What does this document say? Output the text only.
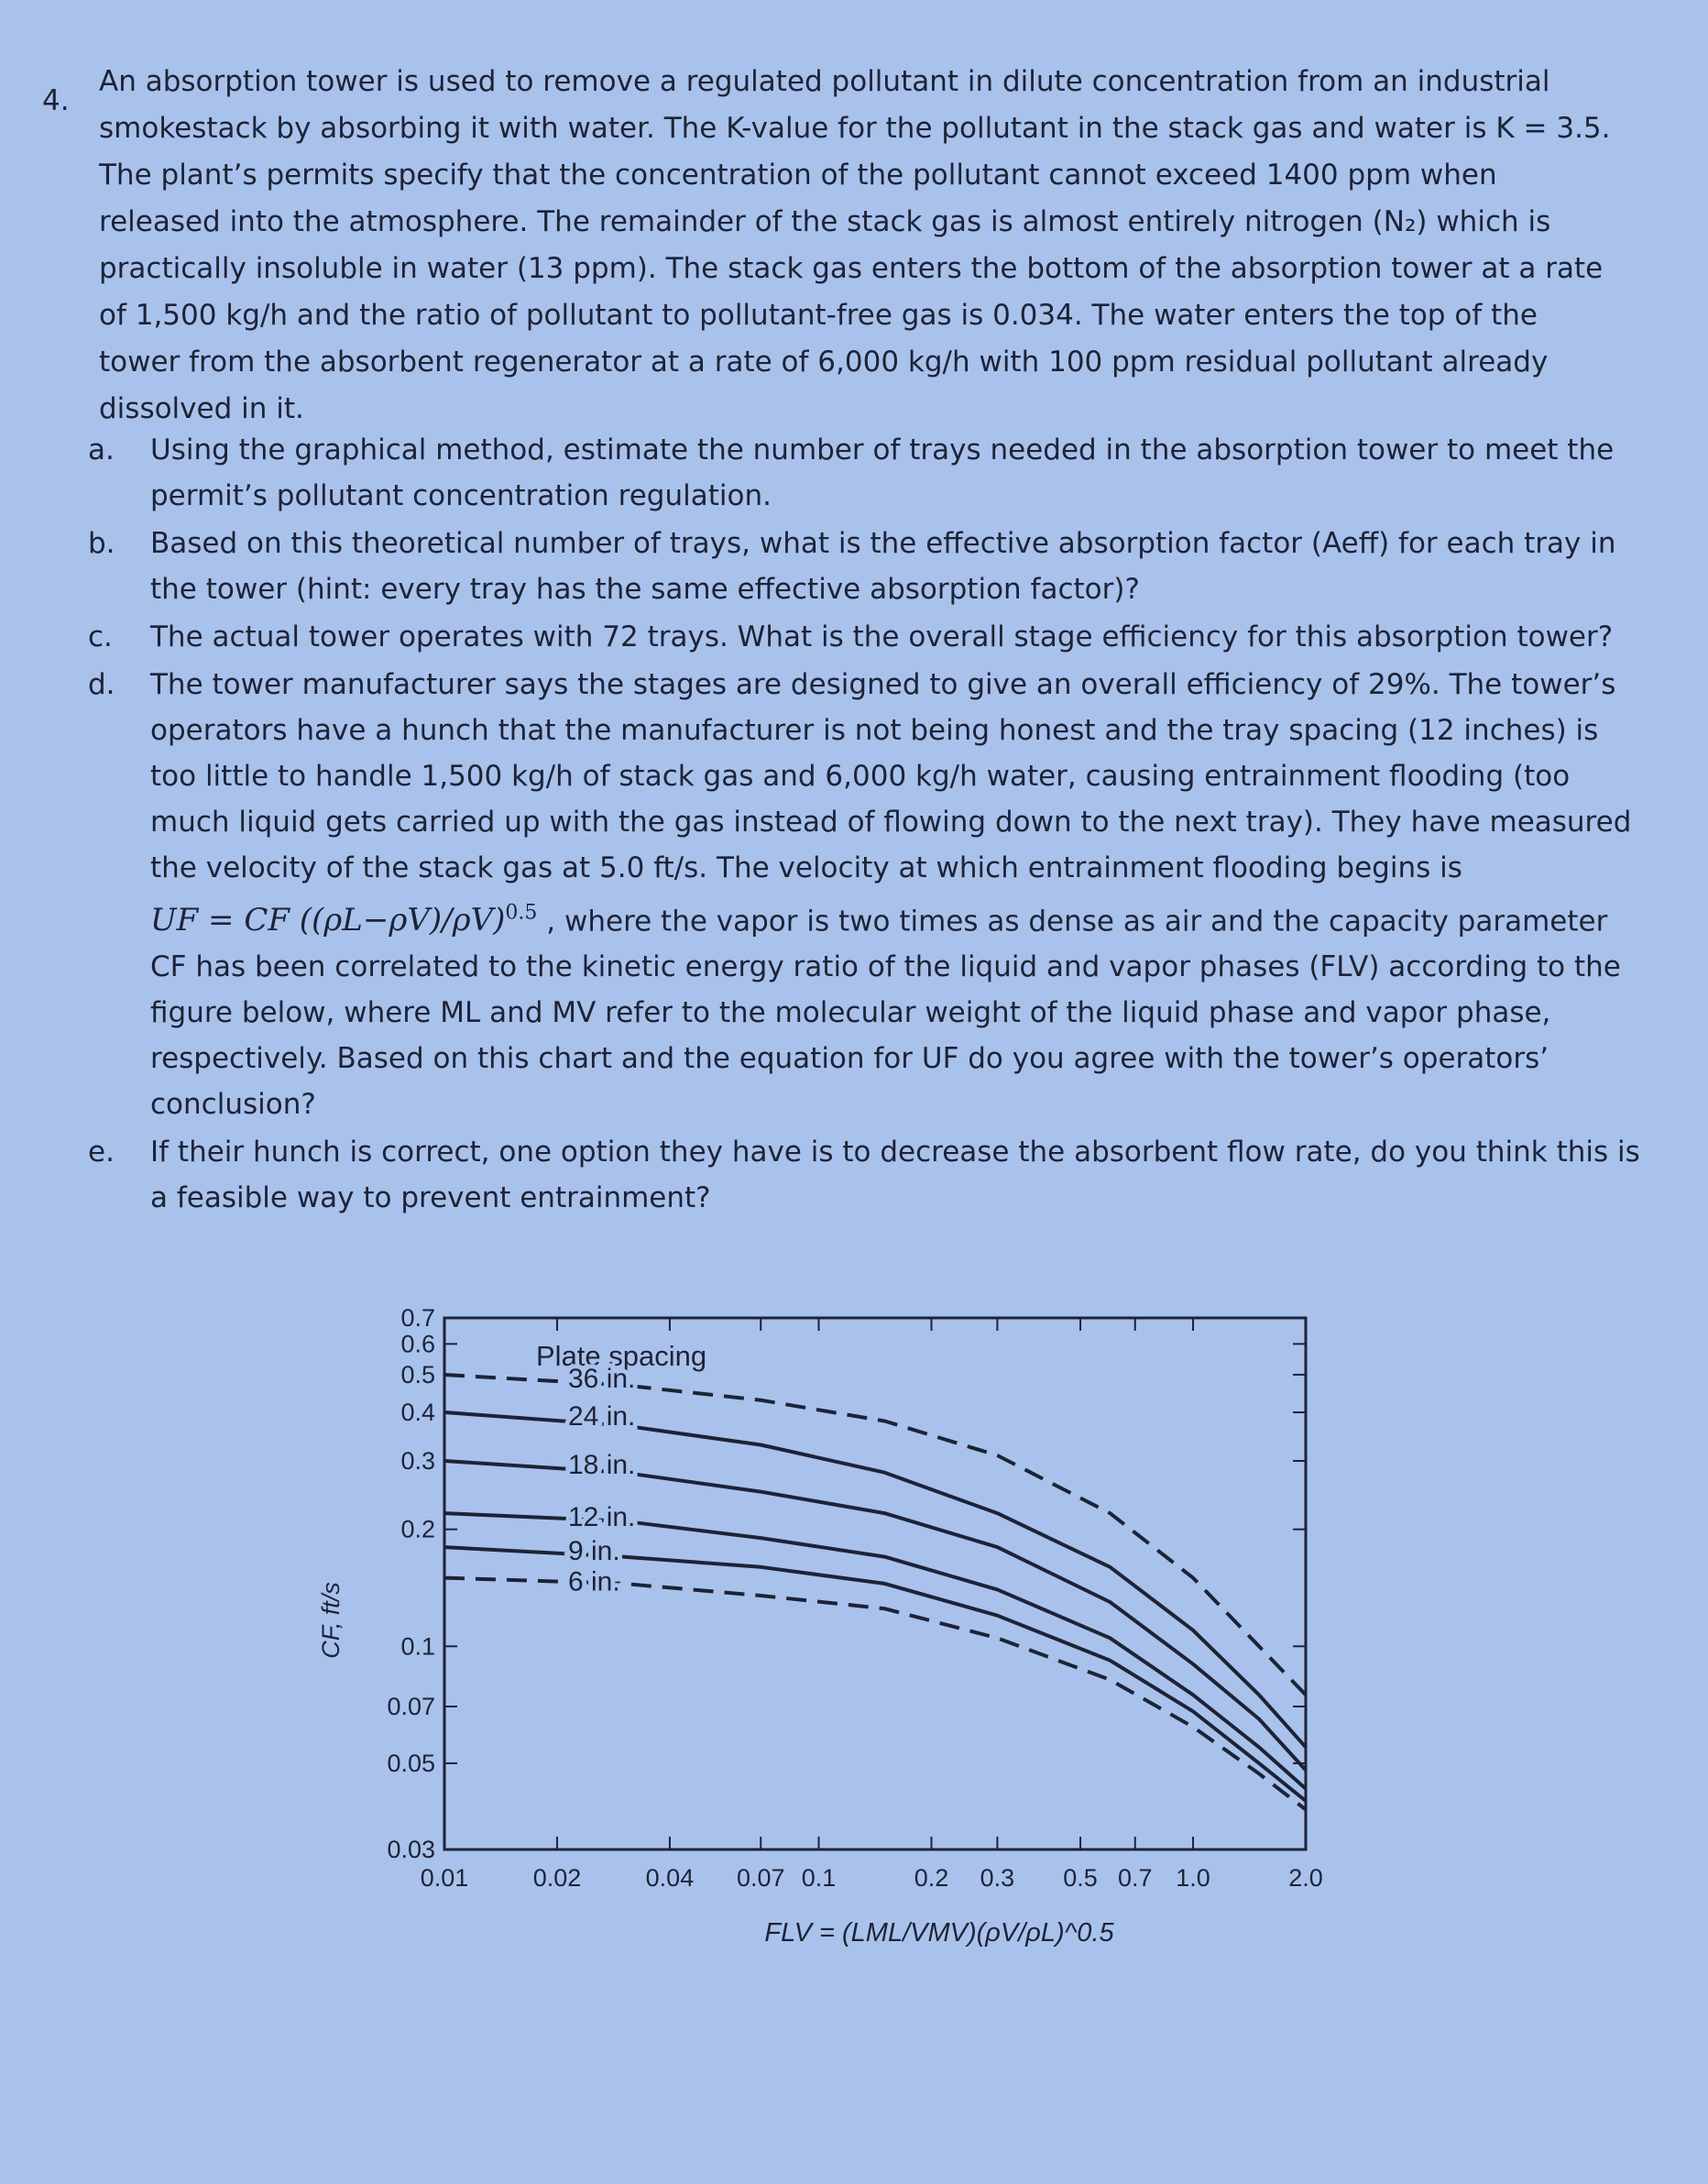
4.
An absorption tower is used to remove a regulated pollutant in dilute concentration from an industrial smokestack by absorbing it with water. The K-value for the pollutant in the stack gas and water is K = 3.5. The plant’s permits specify that the concentration of the pollutant cannot exceed 1400 ppm when released into the atmosphere. The remainder of the stack gas is almost entirely nitrogen (N₂) which is practically insoluble in water (13 ppm). The stack gas enters the bottom of the absorption tower at a rate of 1,500 kg/h and the ratio of pollutant to pollutant-free gas is 0.034. The water enters the top of the tower from the absorbent regenerator at a rate of 6,000 kg/h with 100 ppm residual pollutant already dissolved in it.
a.	Using the graphical method, estimate the number of trays needed in the absorption tower to meet the permit’s pollutant concentration regulation.
b.	Based on this theoretical number of trays, what is the effective absorption factor (Aeff) for each tray in the tower (hint: every tray has the same effective absorption factor)?
c.	The actual tower operates with 72 trays. What is the overall stage efficiency for this absorption tower?
d.	The tower manufacturer says the stages are designed to give an overall efficiency of 29%. The tower’s operators have a hunch that the manufacturer is not being honest and the tray spacing (12 inches) is too little to handle 1,500 kg/h of stack gas and 6,000 kg/h water, causing entrainment flooding (too much liquid gets carried up with the gas instead of flowing down to the next tray). They have measured the velocity of the stack gas at 5.0 ft/s. The velocity at which entrainment flooding begins is
UF = CF $((\rho L-\rho V)/\rho V)^{0.5}$ , where the vapor is two times as dense as air and the capacity parameter CF has been correlated to the kinetic energy ratio of the liquid and vapor phases (FLV) according to the figure below, where ML and MV refer to the molecular weight of the liquid phase and vapor phase, respectively. Based on this chart and the equation for UF do you agree with the tower’s operators’ conclusion?
e.	If their hunch is correct, one option they have is to decrease the absorbent flow rate, do you think this is a feasible way to prevent entrainment?
0.01	0.02	0.04 0.07 0.1	0.2 0.3 0.5 0.7 1.0	2.0
0.7
0.6
0.5
0.4
0.3
0.2
0.1
0.07
0.05
0.03
FLV = (LML/VMV)(ρV/ρL)^0.5
CF, ft/s
Plate spacing
36 in.
24 in.
18 in.
12 in.
9 in.
6 in.
